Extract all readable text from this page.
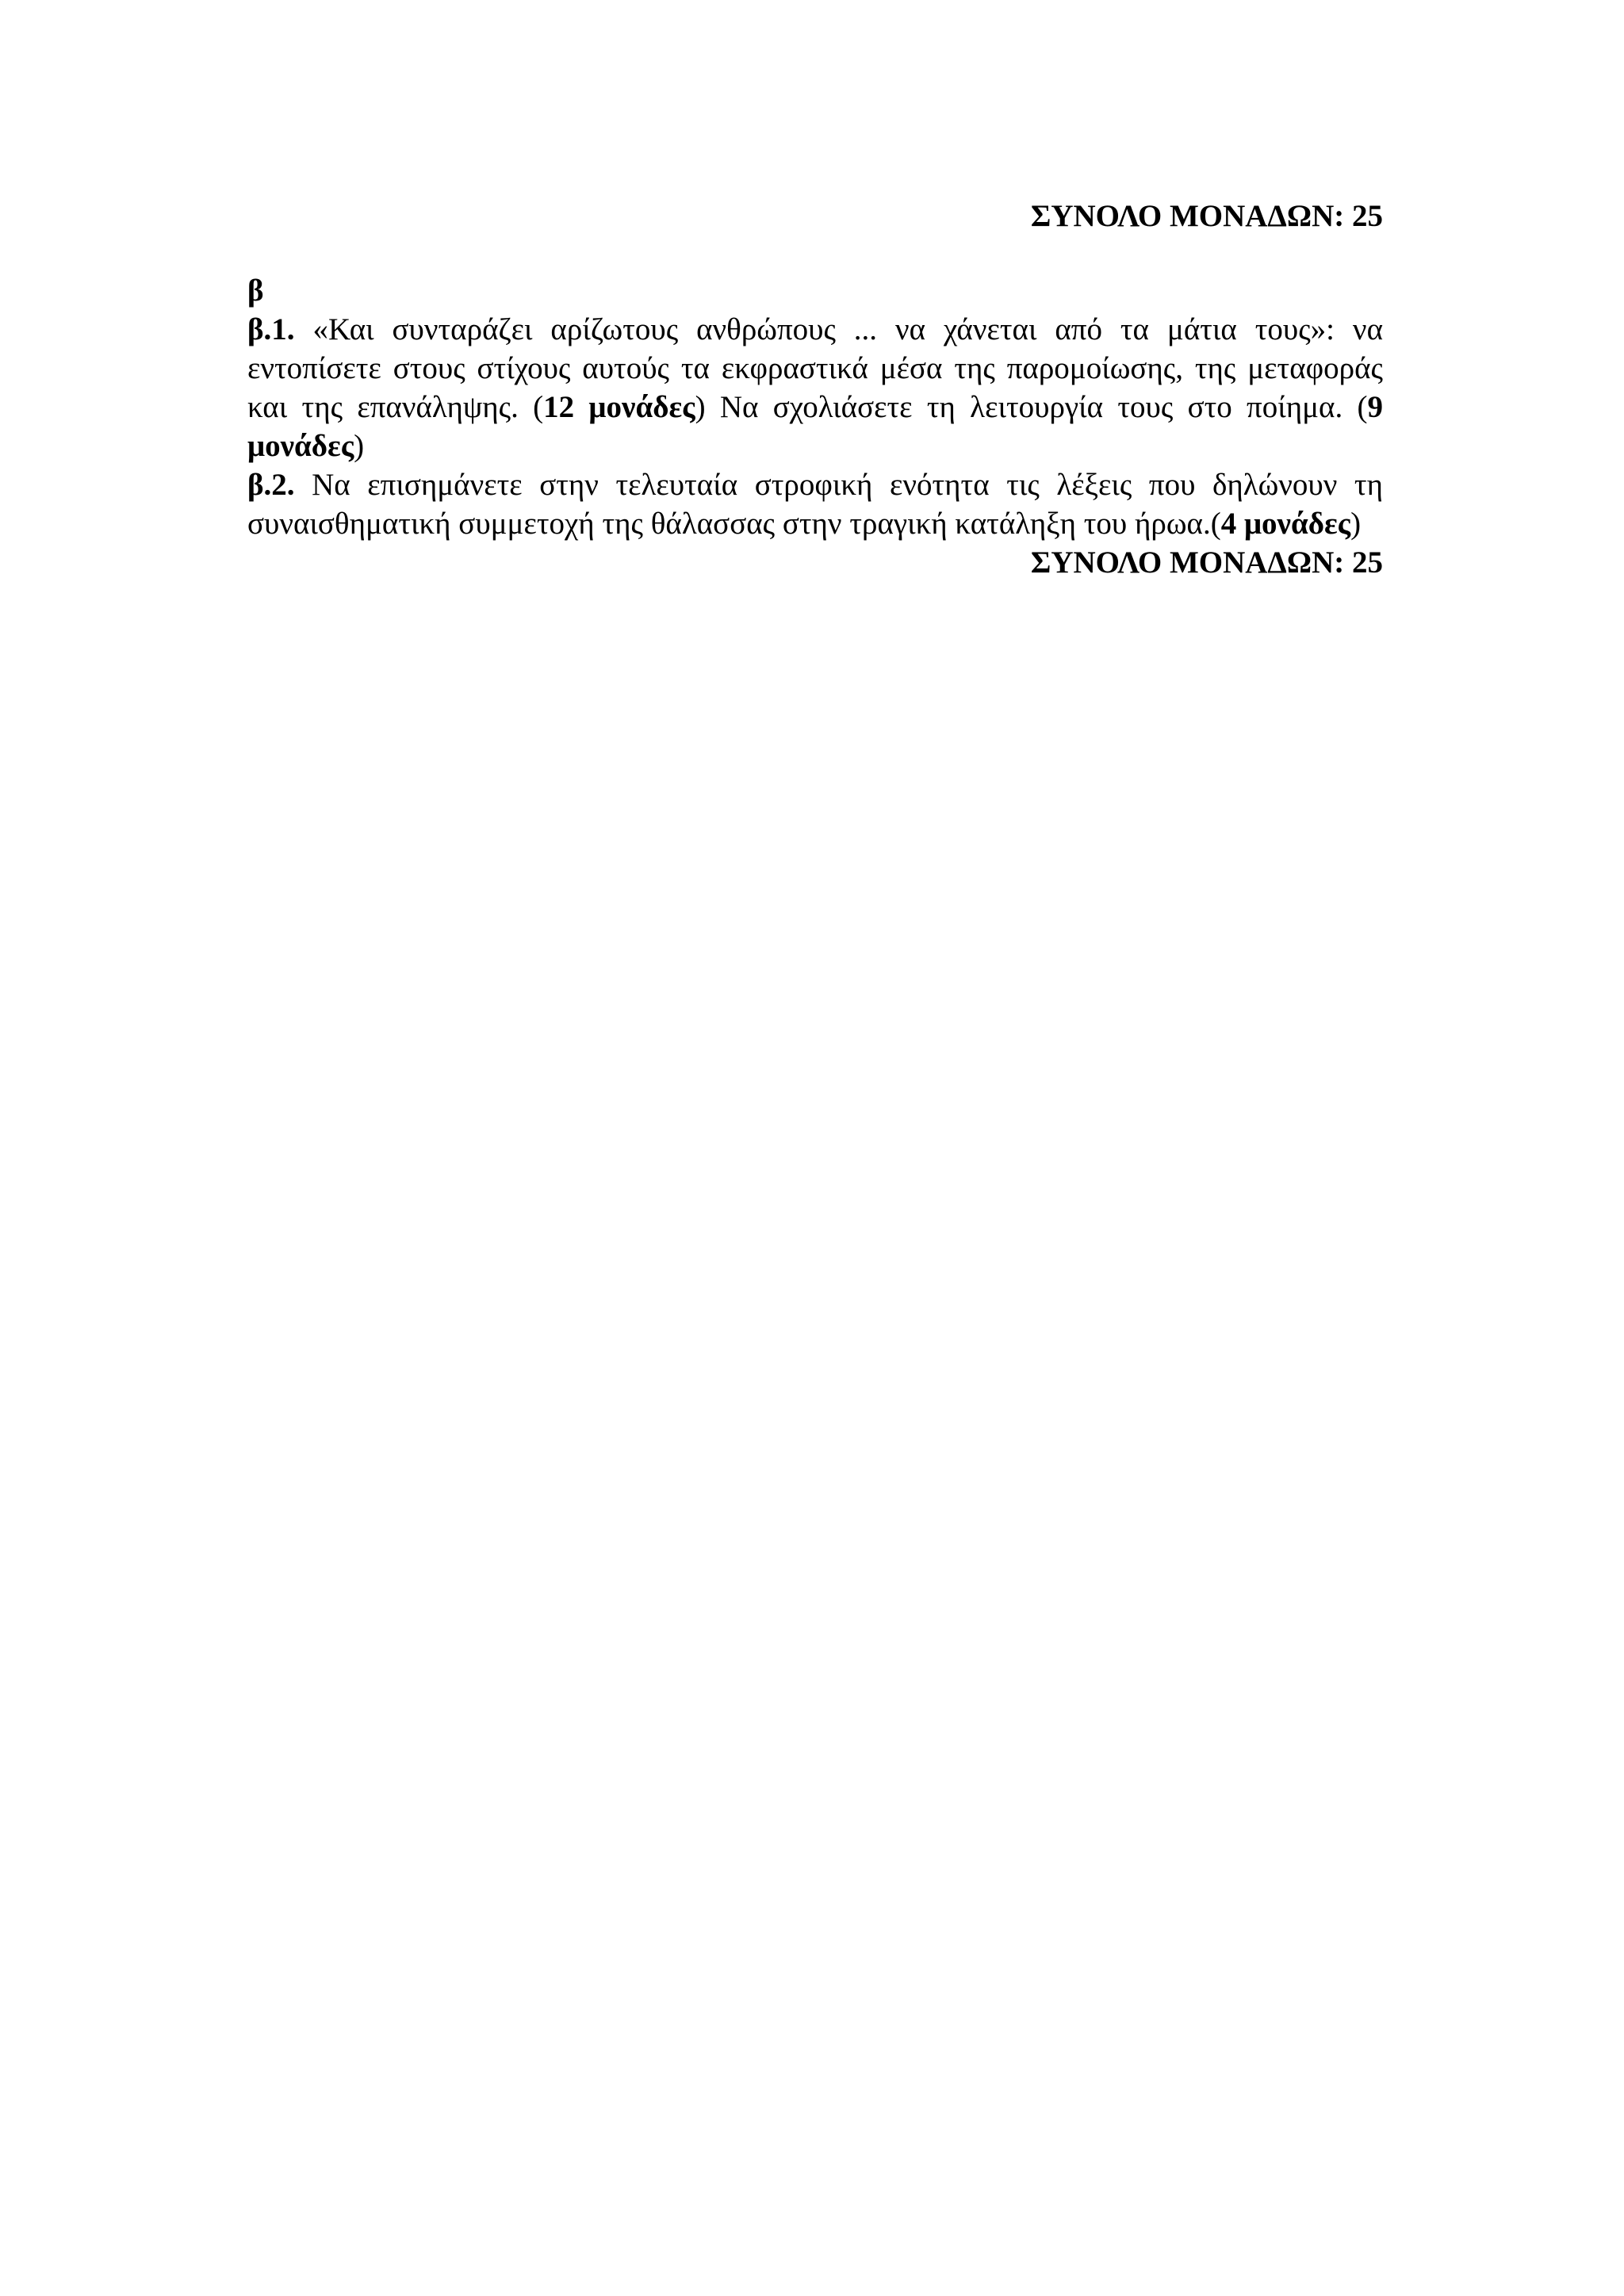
ΣΥΝΟΛΟ ΜΟΝΑΔΩΝ: 25

β

β.1. «Και συνταράζει αρίζωτους ανθρώπους ... να χάνεται από τα μάτια τους»: να εντοπίσετε στους στίχους αυτούς τα εκφραστικά μέσα της παρομοίωσης, της μεταφοράς και της επανάληψης. (12 μονάδες) Να σχολιάσετε τη λειτουργία τους στο ποίημα. (9 μονάδες)

β.2. Να επισημάνετε στην τελευταία στροφική ενότητα τις λέξεις που δηλώνουν τη συναισθηματική συμμετοχή της θάλασσας στην τραγική κατάληξη του ήρωα.(4 μονάδες)

ΣΥΝΟΛΟ ΜΟΝΑΔΩΝ: 25
